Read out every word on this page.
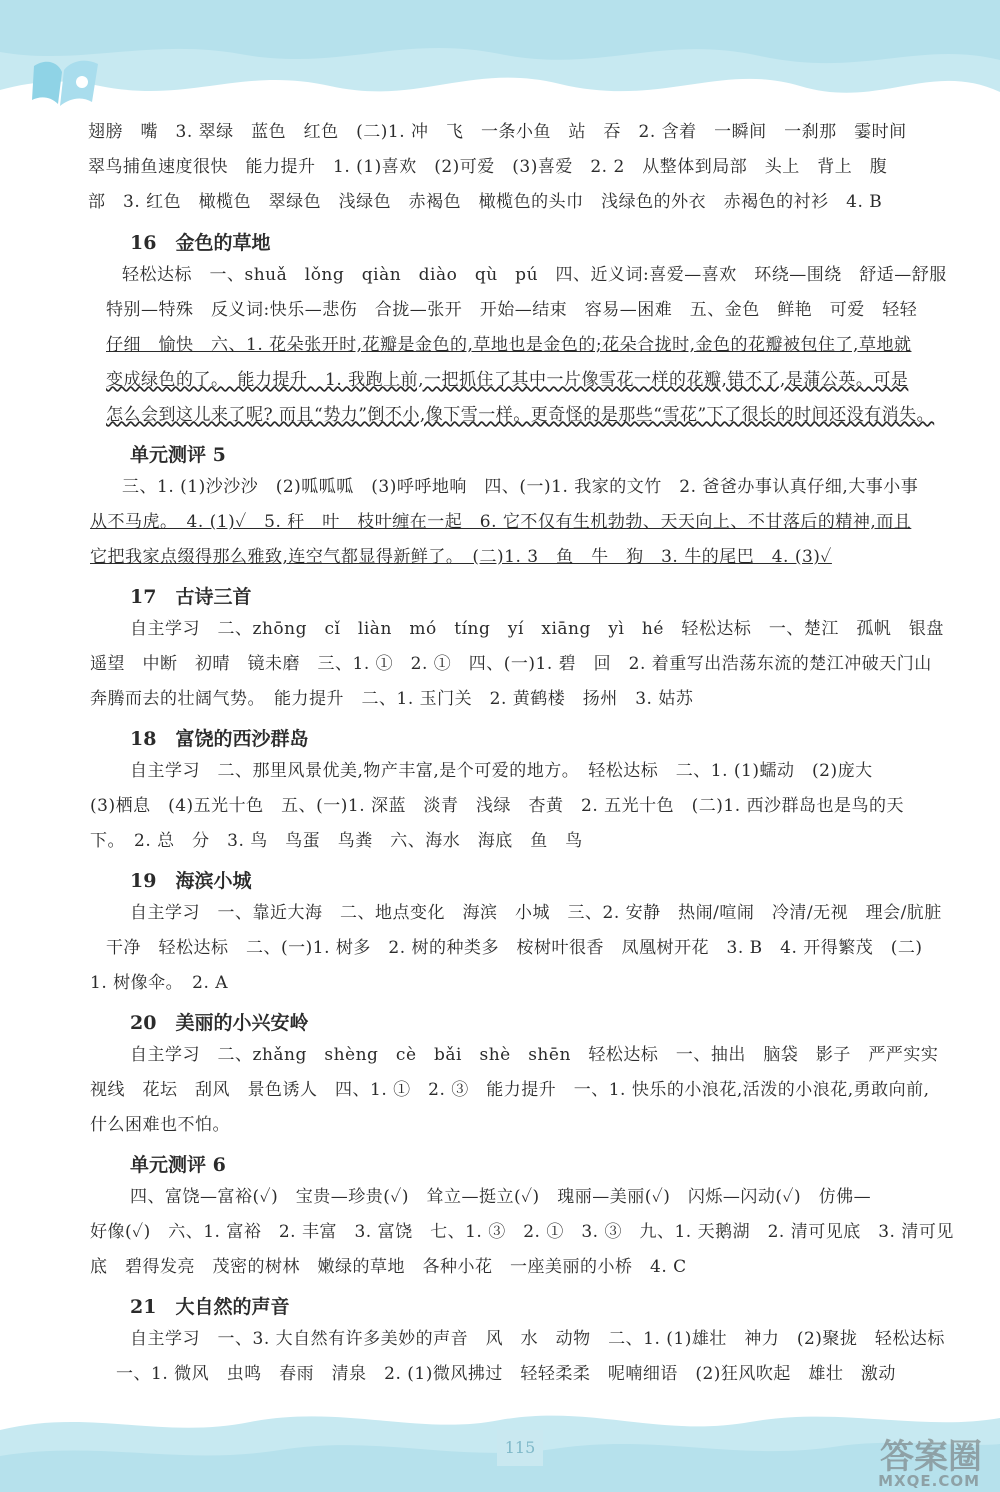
115	答案圈
MXQE.COM
翅膀　嘴　3. 翠绿　蓝色　红色　(二)1. 冲　飞　一条小鱼　站　吞　2. 含着　一瞬间　一刹那　霎时间
翠鸟捕鱼速度很快　能力提升　1. (1)喜欢　(2)可爱　(3)喜爱　2. 2　从整体到局部　头上　背上　腹
部　3. 红色　橄榄色　翠绿色　浅绿色　赤褐色　橄榄色的头巾　浅绿色的外衣　赤褐色的衬衫　4. B
16　金色的草地
轻松达标　一、shuǎ　lǒng　qiàn　diào　qù　pú　四、近义词:喜爱—喜欢　环绕—围绕　舒适—舒服
特别—特殊　反义词:快乐—悲伤　合拢—张开　开始—结束　容易—困难　五、金色　鲜艳　可爱　轻轻
仔细　愉快　六、1. 花朵张开时,花瓣是金色的,草地也是金色的;花朵合拢时,金色的花瓣被包住了,草地就
变成绿色的了。　能力提升　1. 我跑上前,一把抓住了其中一片像雪花一样的花瓣,错不了,是蒲公英。可是
怎么会到这儿来了呢? 而且“势力”倒不小,像下雪一样。更奇怪的是那些“雪花”下了很长的时间还没有消失。
单元测评 5
三、1. (1)沙沙沙　(2)呱呱呱　(3)呼呼地响　四、(一)1. 我家的文竹　2. 爸爸办事认真仔细,大事小事
从不马虎。　4. (1)✓　5. 秆　叶　枝叶缠在一起　6. 它不仅有生机勃勃、天天向上、不甘落后的精神,而且
它把我家点缀得那么雅致,连空气都显得新鲜了。　(二)1. 3　鱼　牛　狗　3. 牛的尾巴　4. (3)✓
17　古诗三首
自主学习　二、zhōng　cǐ　liàn　mó　tíng　yí　xiāng　yì　hé　轻松达标　一、楚江　孤帆　银盘
遥望　中断　初晴　镜未磨　三、1. ①　2. ①　四、(一)1. 碧　回　2. 着重写出浩荡东流的楚江冲破天门山
奔腾而去的壮阔气势。　能力提升　二、1. 玉门关　2. 黄鹤楼　扬州　3. 姑苏
18　富饶的西沙群岛
自主学习　二、那里风景优美,物产丰富,是个可爱的地方。　轻松达标　二、1. (1)蠕动　(2)庞大
(3)栖息　(4)五光十色　五、(一)1. 深蓝　淡青　浅绿　杏黄　2. 五光十色　(二)1. 西沙群岛也是鸟的天
下。　2. 总　分　3. 鸟　鸟蛋　鸟粪　六、海水　海底　鱼　鸟
19　海滨小城
自主学习　一、靠近大海　二、地点变化　海滨　小城　三、2. 安静　热闹/喧闹　冷清/无视　理会/肮脏
干净　轻松达标　二、(一)1. 树多　2. 树的种类多　桉树叶很香　凤凰树开花　3. B　4. 开得繁茂　(二)
1. 树像伞。　2. A
20　美丽的小兴安岭
自主学习　二、zhǎng　shèng　cè　bǎi　shè　shēn　轻松达标　一、抽出　脑袋　影子　严严实实
视线　花坛　刮风　景色诱人　四、1. ①　2. ③　能力提升　一、1. 快乐的小浪花,活泼的小浪花,勇敢向前,
什么困难也不怕。
单元测评 6
四、富饶—富裕(✓)　宝贵—珍贵(✓)　耸立—挺立(✓)　瑰丽—美丽(✓)　闪烁—闪动(✓)　仿佛—
好像(✓)　六、1. 富裕　2. 丰富　3. 富饶　七、1. ③　2. ①　3. ③　九、1. 天鹅湖　2. 清可见底　3. 清可见
底　碧得发亮　茂密的树林　嫩绿的草地　各种小花　一座美丽的小桥　4. C
21　大自然的声音
自主学习　一、3. 大自然有许多美妙的声音　风　水　动物　二、1. (1)雄壮　神力　(2)聚拢　轻松达标
一、1. 微风　虫鸣　春雨　清泉　2. (1)微风拂过　轻轻柔柔　呢喃细语　(2)狂风吹起　雄壮　激动
